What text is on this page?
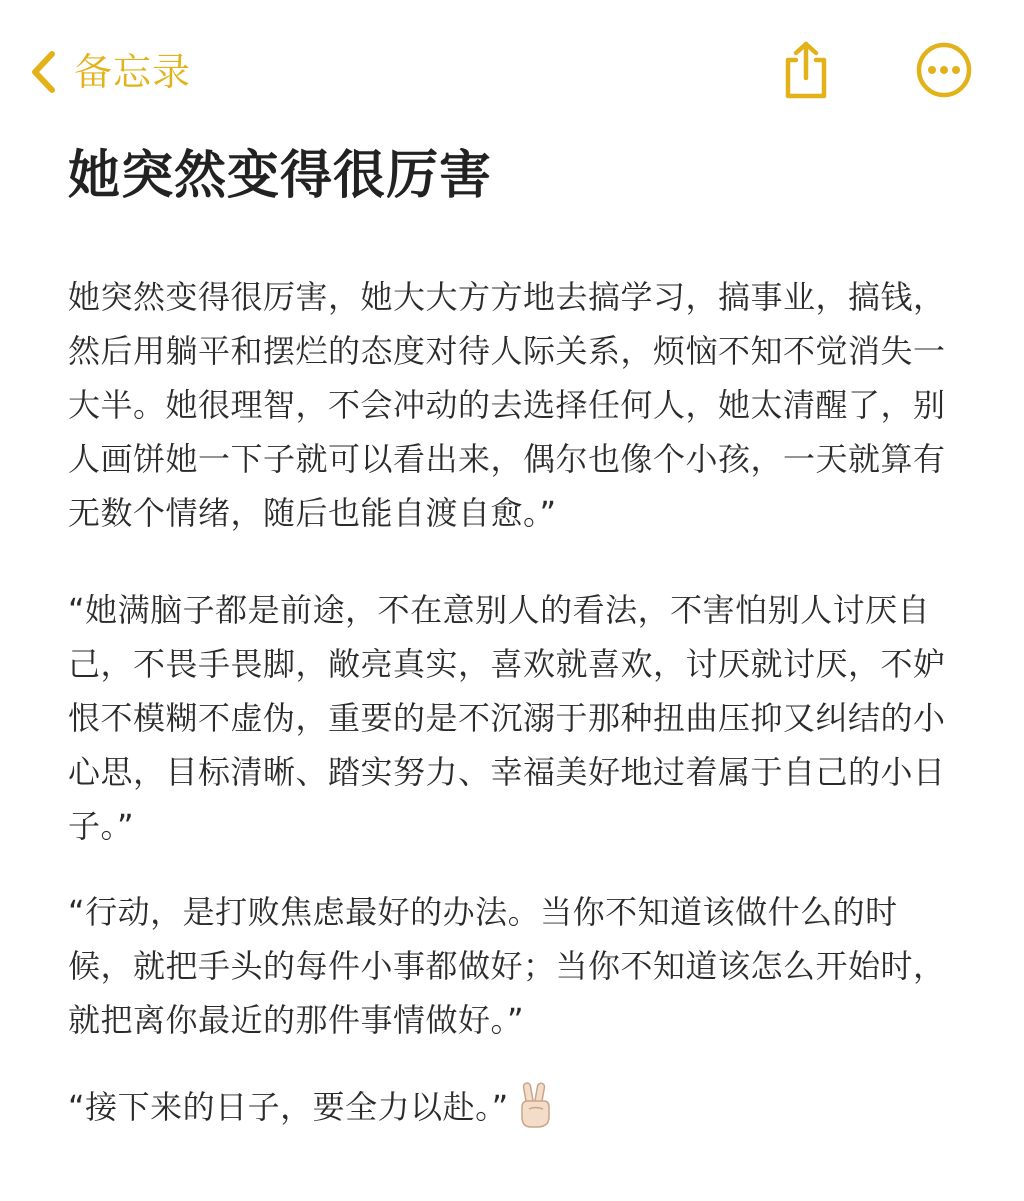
备忘录
她突然变得很厉害

她突然变得很厉害，她大大方方地去搞学习，搞事业，搞钱，然后用躺平和摆烂的态度对待人际关系，烦恼不知不觉消失一大半。她很理智，不会冲动的去选择任何人，她太清醒了，别人画饼她一下子就可以看出来，偶尔也像个小孩，一天就算有无数个情绪，随后也能自渡自愈。”

“她满脑子都是前途，不在意别人的看法，不害怕别人讨厌自己，不畏手畏脚，敞亮真实，喜欢就喜欢，讨厌就讨厌，不妒恨不模糊不虚伪，重要的是不沉溺于那种扭曲压抑又纠结的小心思，目标清晰、踏实努力、幸福美好地过着属于自己的小日子。”

“行动，是打败焦虑最好的办法。当你不知道该做什么的时候，就把手头的每件小事都做好；当你不知道该怎么开始时，就把离你最近的那件事情做好。”

“接下来的日子，要全力以赴。”
